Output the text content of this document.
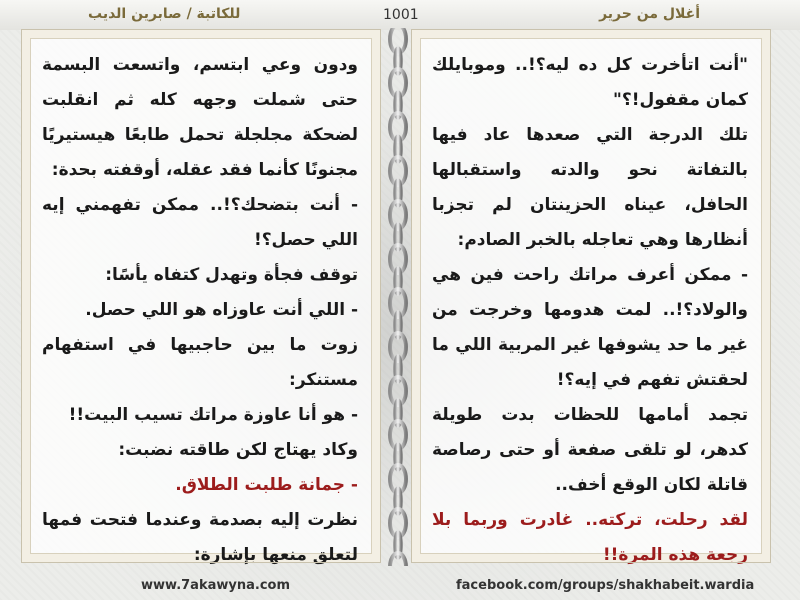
أغلال من حرير
1001
للكاتبة / صابرين الديب

ودون وعي ابتسم، واتسعت البسمة حتى شملت وجهه كله ثم انقلبت لضحكة مجلجلة تحمل طابعًا هيستيريًا مجنونًا كأنما فقد عقله، أوقفته بحدة:

- أنت بتضحك؟!.. ممكن تفهمني إيه اللي حصل؟!

توقف فجأة وتهدل كتفاه يأسًا:

- اللي أنت عاوزاه هو اللي حصل.

زوت ما بين حاجبيها في استفهام مستنكر:

- هو أنا عاوزة مراتك تسيب البيت!!

وكاد يهتاج لكن طاقته نضبت:

- جمانة طلبت الطلاق.

نظرت إليه بصدمة وعندما فتحت فمها لتعلق منعها بإشارة:

"أنت اتأخرت كل ده ليه؟!.. وموبايلك كمان مقفول!؟"

تلك الدرجة التي صعدها عاد فيها بالتفاتة نحو والدته واستقبالها الحافل، عيناه الحزينتان لم تجزبا أنظارها وهي تعاجله بالخبر الصادم:

- ممكن أعرف مراتك راحت فين هي والولاد؟!.. لمت هدومها وخرجت من غير ما حد يشوفها غير المربية اللي ما لحقتش تفهم في إيه؟!

تجمد أمامها للحظات بدت طويلة كدهر، لو تلقى صفعة أو حتى رصاصة قاتلة لكان الوقع أخف..

لقد رحلت، تركته.. غادرت وربما بلا رجعة هذه المرة!!

www.7akawyna.com	facebook.com/groups/shakhabeit.wardia
